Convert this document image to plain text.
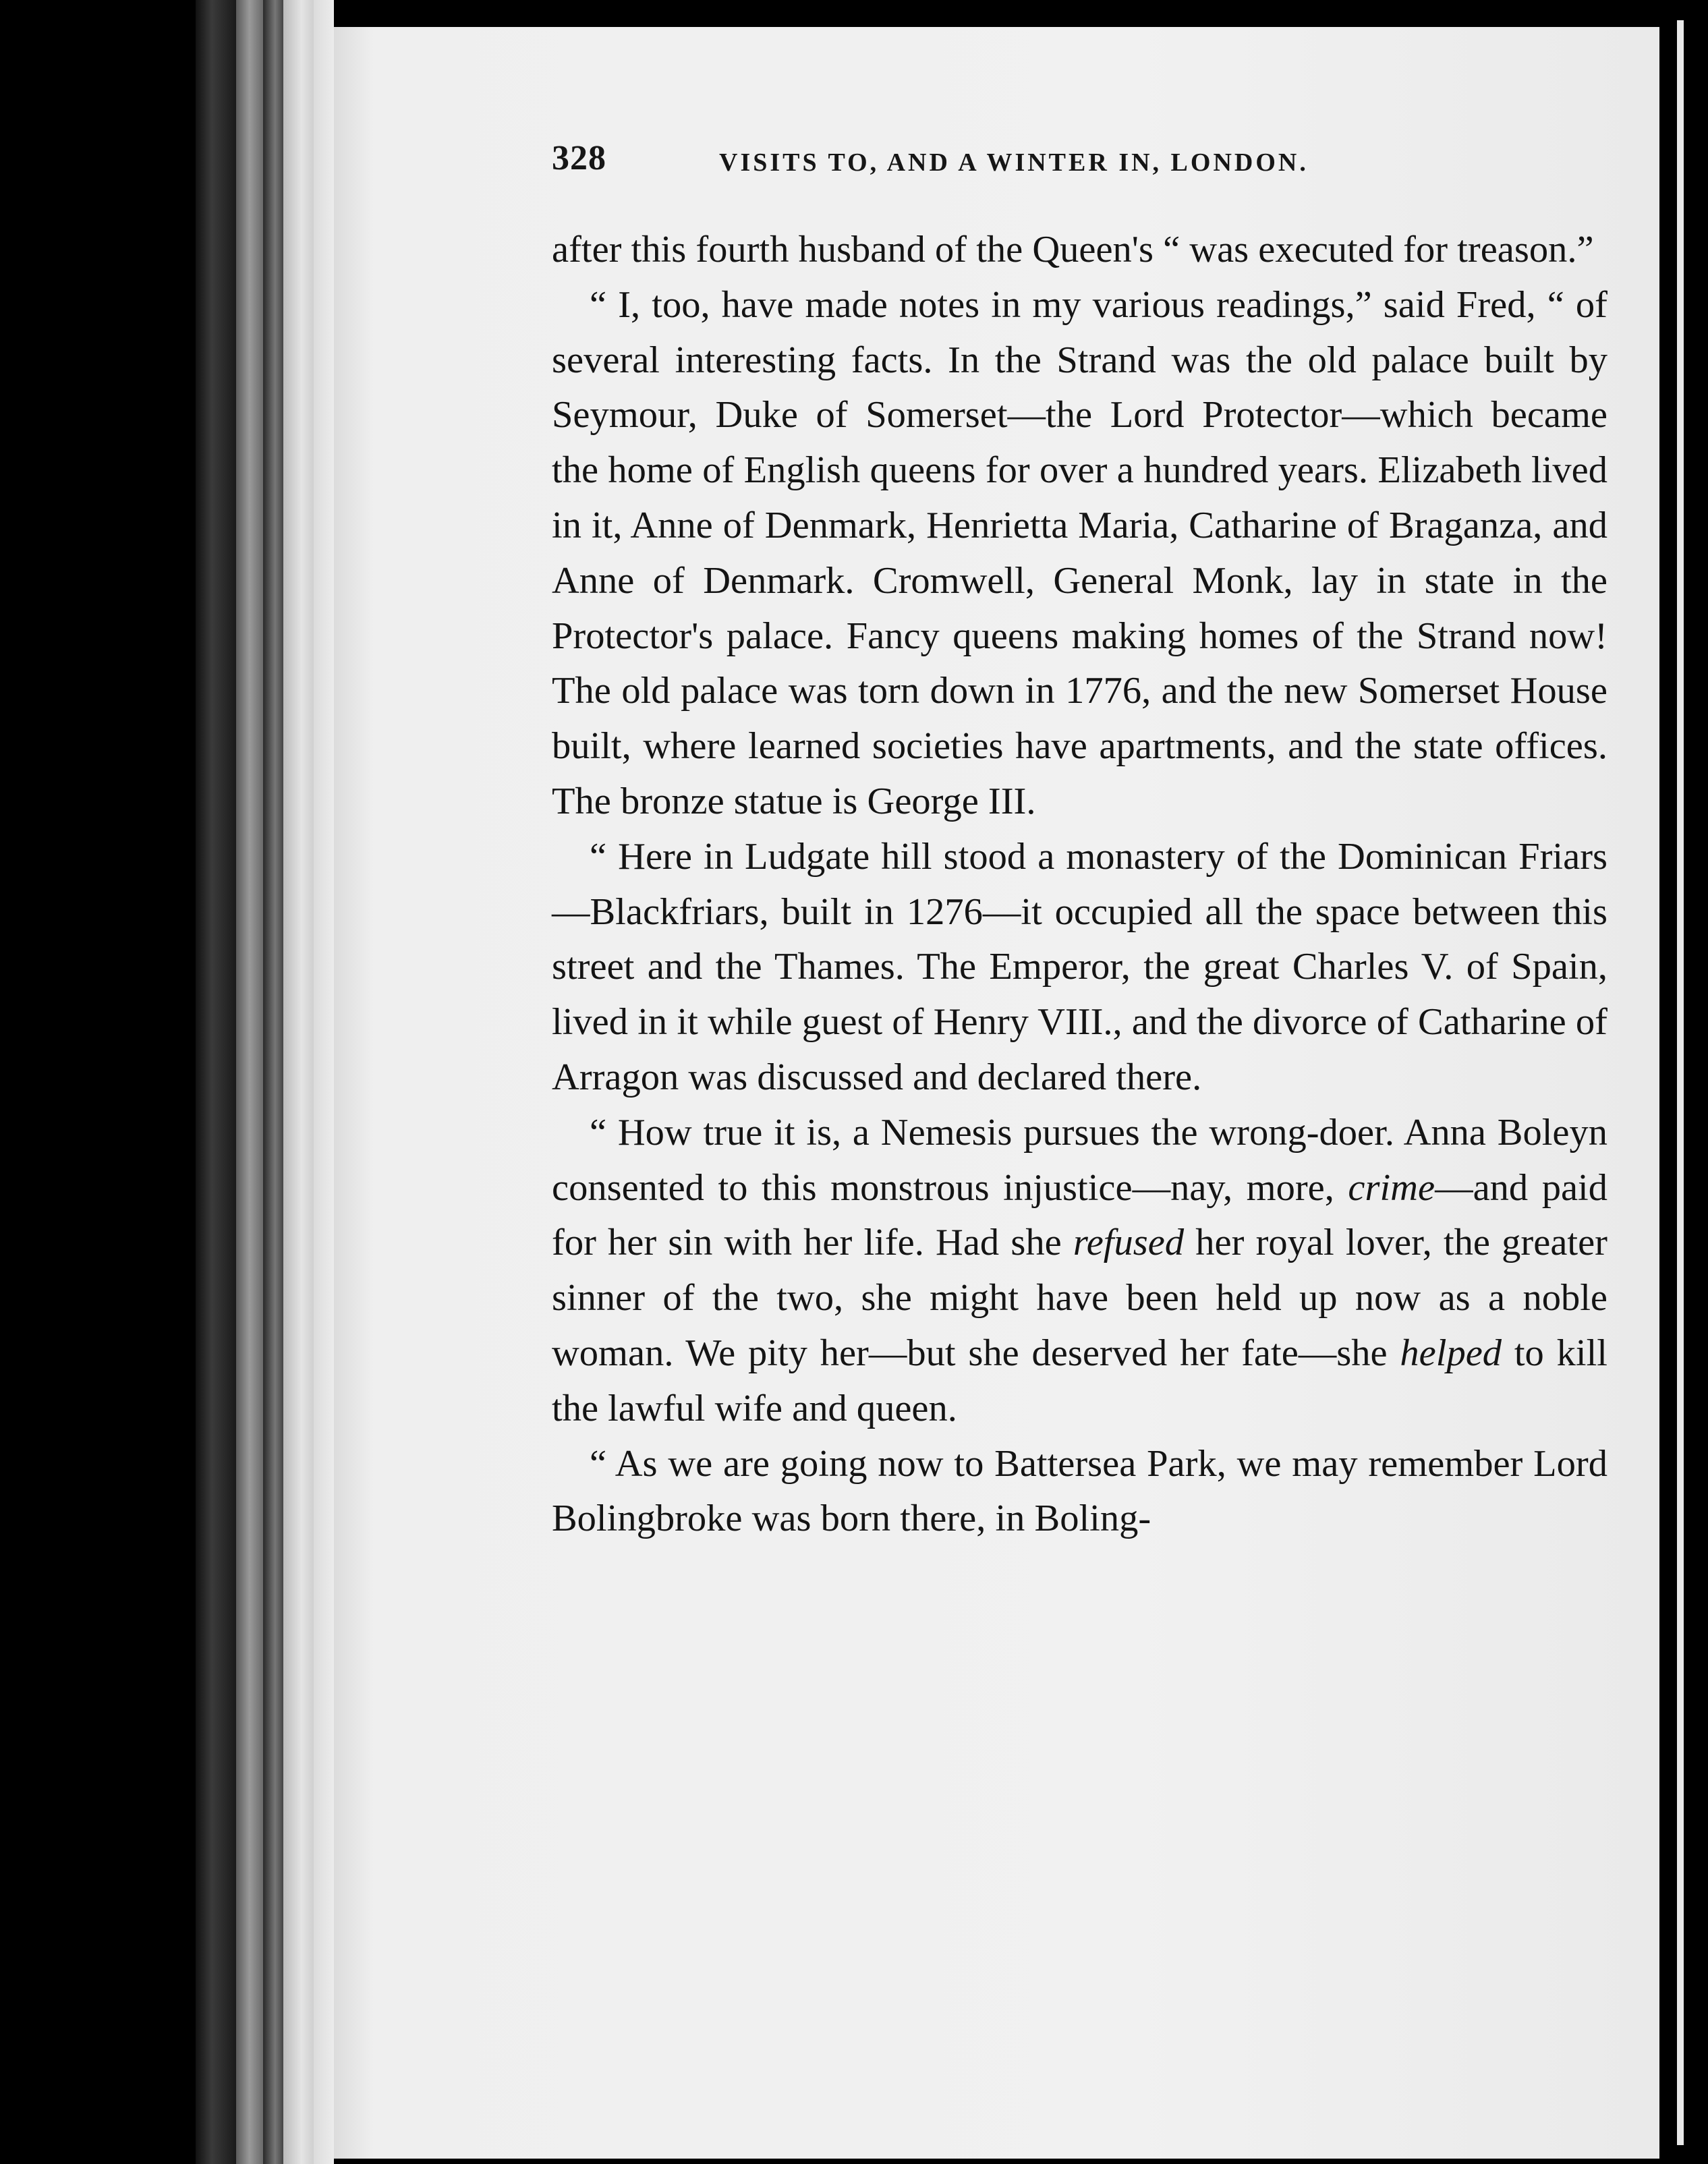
328	VISITS TO, AND A WINTER IN, LONDON.

after this fourth husband of the Queen's “ was executed for treason.”

“ I, too, have made notes in my various readings,” said Fred, “ of several interesting facts. In the Strand was the old palace built by Seymour, Duke of Somerset—the Lord Protector—which became the home of English queens for over a hundred years. Elizabeth lived in it, Anne of Denmark, Henrietta Maria, Catharine of Braganza, and Anne of Denmark. Cromwell, General Monk, lay in state in the Protector's palace. Fancy queens making homes of the Strand now! The old palace was torn down in 1776, and the new Somerset House built, where learned societies have apartments, and the state offices. The bronze statue is George III.

“ Here in Ludgate hill stood a monastery of the Dominican Friars—Blackfriars, built in 1276—it occupied all the space between this street and the Thames. The Emperor, the great Charles V. of Spain, lived in it while guest of Henry VIII., and the divorce of Catharine of Arragon was discussed and declared there.

“ How true it is, a Nemesis pursues the wrong-doer. Anna Boleyn consented to this monstrous injustice—nay, more, crime—and paid for her sin with her life. Had she refused her royal lover, the greater sinner of the two, she might have been held up now as a noble woman. We pity her—but she deserved her fate—she helped to kill the lawful wife and queen.

“ As we are going now to Battersea Park, we may remember Lord Bolingbroke was born there, in Boling-
